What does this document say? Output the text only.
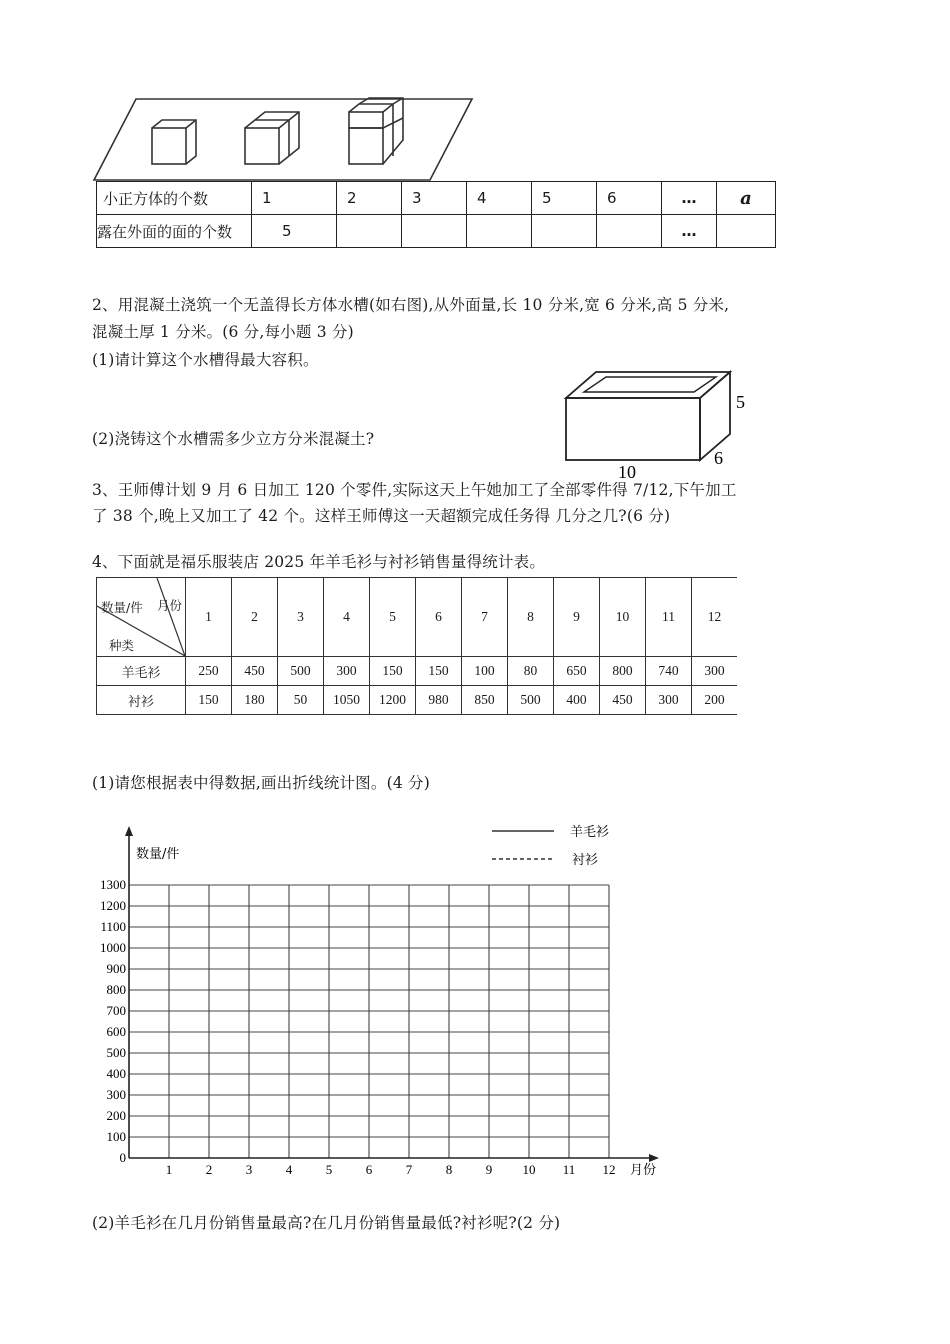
小正方体的个数	1	2	3	4	5	6	…	a
露在外面的面的个数	5						…	
2、用混凝土浇筑一个无盖得长方体水槽(如右图),从外面量,长 10 分米,宽 6 分米,高 5 分米,
混凝土厚 1 分米。(6 分,每小题 3 分)
(1)请计算这个水槽得最大容积。
(2)浇铸这个水槽需多少立方分米混凝土?
5
6
10
3、王师傅计划 9 月 6 日加工 120 个零件,实际这天上午她加工了全部零件得 7/12,下午加工
了 38 个,晚上又加工了 42 个。这样王师傅这一天超额完成任务得 几分之几?(6 分)
4、下面就是福乐服装店 2025 年羊毛衫与衬衫销售量得统计表。
数量/件 月份
种类	1	2	3	4	5	6	7	8	9	10	11	12
羊毛衫	250	450	500	300	150	150	100	80	650	800	740	300
衬衫	150	180	50	1050	1200	980	850	500	400	450	300	200
(1)请您根据表中得数据,画出折线统计图。(4 分)
0
100
200
300
400
500
600
700
800
900
1000
1100
1200
1300
1	2	3	4	5	6	7	8	9 10 11 12
数量/件
月份
羊毛衫
衬衫
(2)羊毛衫在几月份销售量最高?在几月份销售量最低?衬衫呢?(2 分)
